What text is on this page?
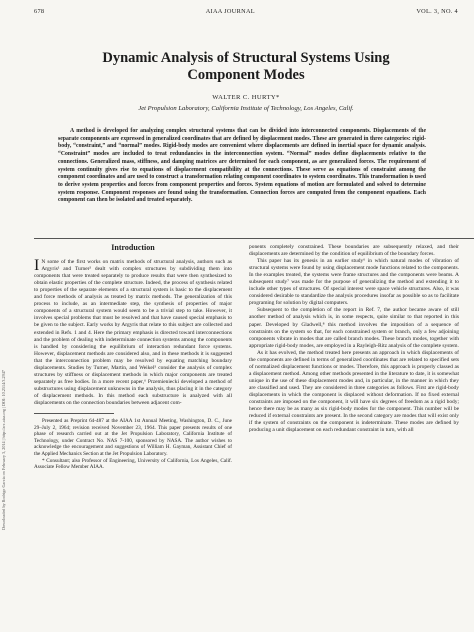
678	AIAA JOURNAL	VOL. 3, NO. 4
Downloaded by Rodrigo Garcia on February 3, 2014 | http://arc.aiaa.org | DOI: 10.2514/3.2947
Dynamic Analysis of Structural Systems Using
Component Modes
WALTER C. HURTY*
Jet Propulsion Laboratory, California Institute of Technology, Los Angeles, Calif.
A method is developed for analyzing complex structural systems that can be divided into interconnected components. Displacements of the separate components are expressed in generalized coordinates that are defined by displacement modes. These are generated in three categories: rigid-body, “constraint,” and “normal” modes. Rigid-body modes are convenient where displacements are defined in inertial space for dynamic analysis. “Constraint” modes are included to treat redundancies in the interconnection system. “Normal” modes define displacements relative to the connections. Generalized mass, stiffness, and damping matrices are determined for each component, as are generalized forces. The requirement of system continuity gives rise to equations of displacement compatibility at the connections. These serve as equations of constraint among the component coordinates and are used to construct a transformation relating component coordinates to system coordinates. This transformation is used to derive system properties and forces from component properties and forces. System equations of motion are formulated and solved to determine system response. Component responses are found using the transformation. Connection forces are computed from the component equations. Each component can then be isolated and treated separately.
Introduction

I N some of the first works on matrix methods of structural analysis, authors such as Argyris¹ and Turner² dealt with complex structures by subdividing them into components that were treated separately to produce results that were then synthesized to obtain elastic properties of the complete structure. Indeed, the process of synthesis related to properties of the separate elements of a structural system is basic to the displacement and force methods of analysis as treated by matrix methods. The generalization of this process to include, as an intermediate step, the synthesis of properties of major components of a structural system would seem to be a trivial step to take. However, it involves special problems that must be resolved and that have caused special emphasis to be given to the subject. Early works by Argyris that relate to this subject are collected and extended in Refs. 1 and 4. Here the primary emphasis is directed toward interconnections and the problem of dealing with indeterminate connection systems among the components is handled by considering the equilibrium of interaction redundant force systems. However, displacement methods are considered also, and in these methods it is suggested that the interconnection problem may be resolved by equating matching boundary displacements. Studies by Turner, Martin, and Weikel⁵ consider the analysis of complex structures by stiffness or displacement methods in which major components are treated separately as free bodies. In a more recent paper,⁶ Przemieniecki developed a method of substructures using displacement unknowns in the analysis, thus placing it in the category of displacement methods. In this method each substructure is analyzed with all displacements on the connection boundaries between adjacent com-

Presented as Preprint 64-487 at the AIAA 1st Annual Meeting, Washington, D. C., June 29–July 2, 1964; revision received November 23, 1964. This paper presents results of one phase of research carried out at the Jet Propulsion Laboratory, California Institute of Technology, under Contract No. NAS 7-100, sponsored by NASA. The author wishes to acknowledge the encouragement and suggestions of William H. Gayman, Assistant Chief of the Applied Mechanics Section at the Jet Propulsion Laboratory.

* Consultant; also Professor of Engineering, University of California, Los Angeles, Calif. Associate Fellow Member AIAA.

ponents completely constrained. These boundaries are subsequently relaxed, and their displacements are determined by the condition of equilibrium of the boundary forces.

This paper has its genesis in an earlier study⁶ in which natural modes of vibration of structural systems were found by using displacement mode functions related to the components. In the examples treated, the systems were frame structures and the components were beams. A subsequent study⁷ was made for the purpose of generalizing the method and extending it to include other types of structures. Of special interest were space vehicle structures. Also, it was considered desirable to standardize the analysis procedures insofar as possible so as to facilitate programing for solution by digital computers.

Subsequent to the completion of the report in Ref. 7, the author became aware of still another method of analysis which is, in some respects, quite similar to that reported in this paper. Developed by Gladwell,⁸ this method involves the imposition of a sequence of constraints on the system so that, for each constrained system or branch, only a few adjoining components vibrate in modes that are called branch modes. These branch modes, together with appropriate rigid-body modes, are employed in a Rayleigh-Ritz analysis of the complete system.

As it has evolved, the method treated here presents an approach in which displacements of the components are defined in terms of generalized coordinates that are related to specified sets of normalized displacement functions or modes. Therefore, this approach is properly classed as a displacement method. Among other methods presented in the literature to date, it is somewhat unique in the use of these displacement modes and, in particular, in the manner in which they are classified and used. They are considered in three categories as follows. First are rigid-body displacements in which the component is displaced without deformation. If no fixed external constraints are imposed on the component, it will have six degrees of freedom as a rigid body; hence there may be as many as six rigid-body modes for the component. This number will be reduced if external constraints are present. In the second category are modes that will exist only if the system of constraints on the component is indeterminate. These modes are defined by producing a unit displacement on each redundant constraint in turn, with all
